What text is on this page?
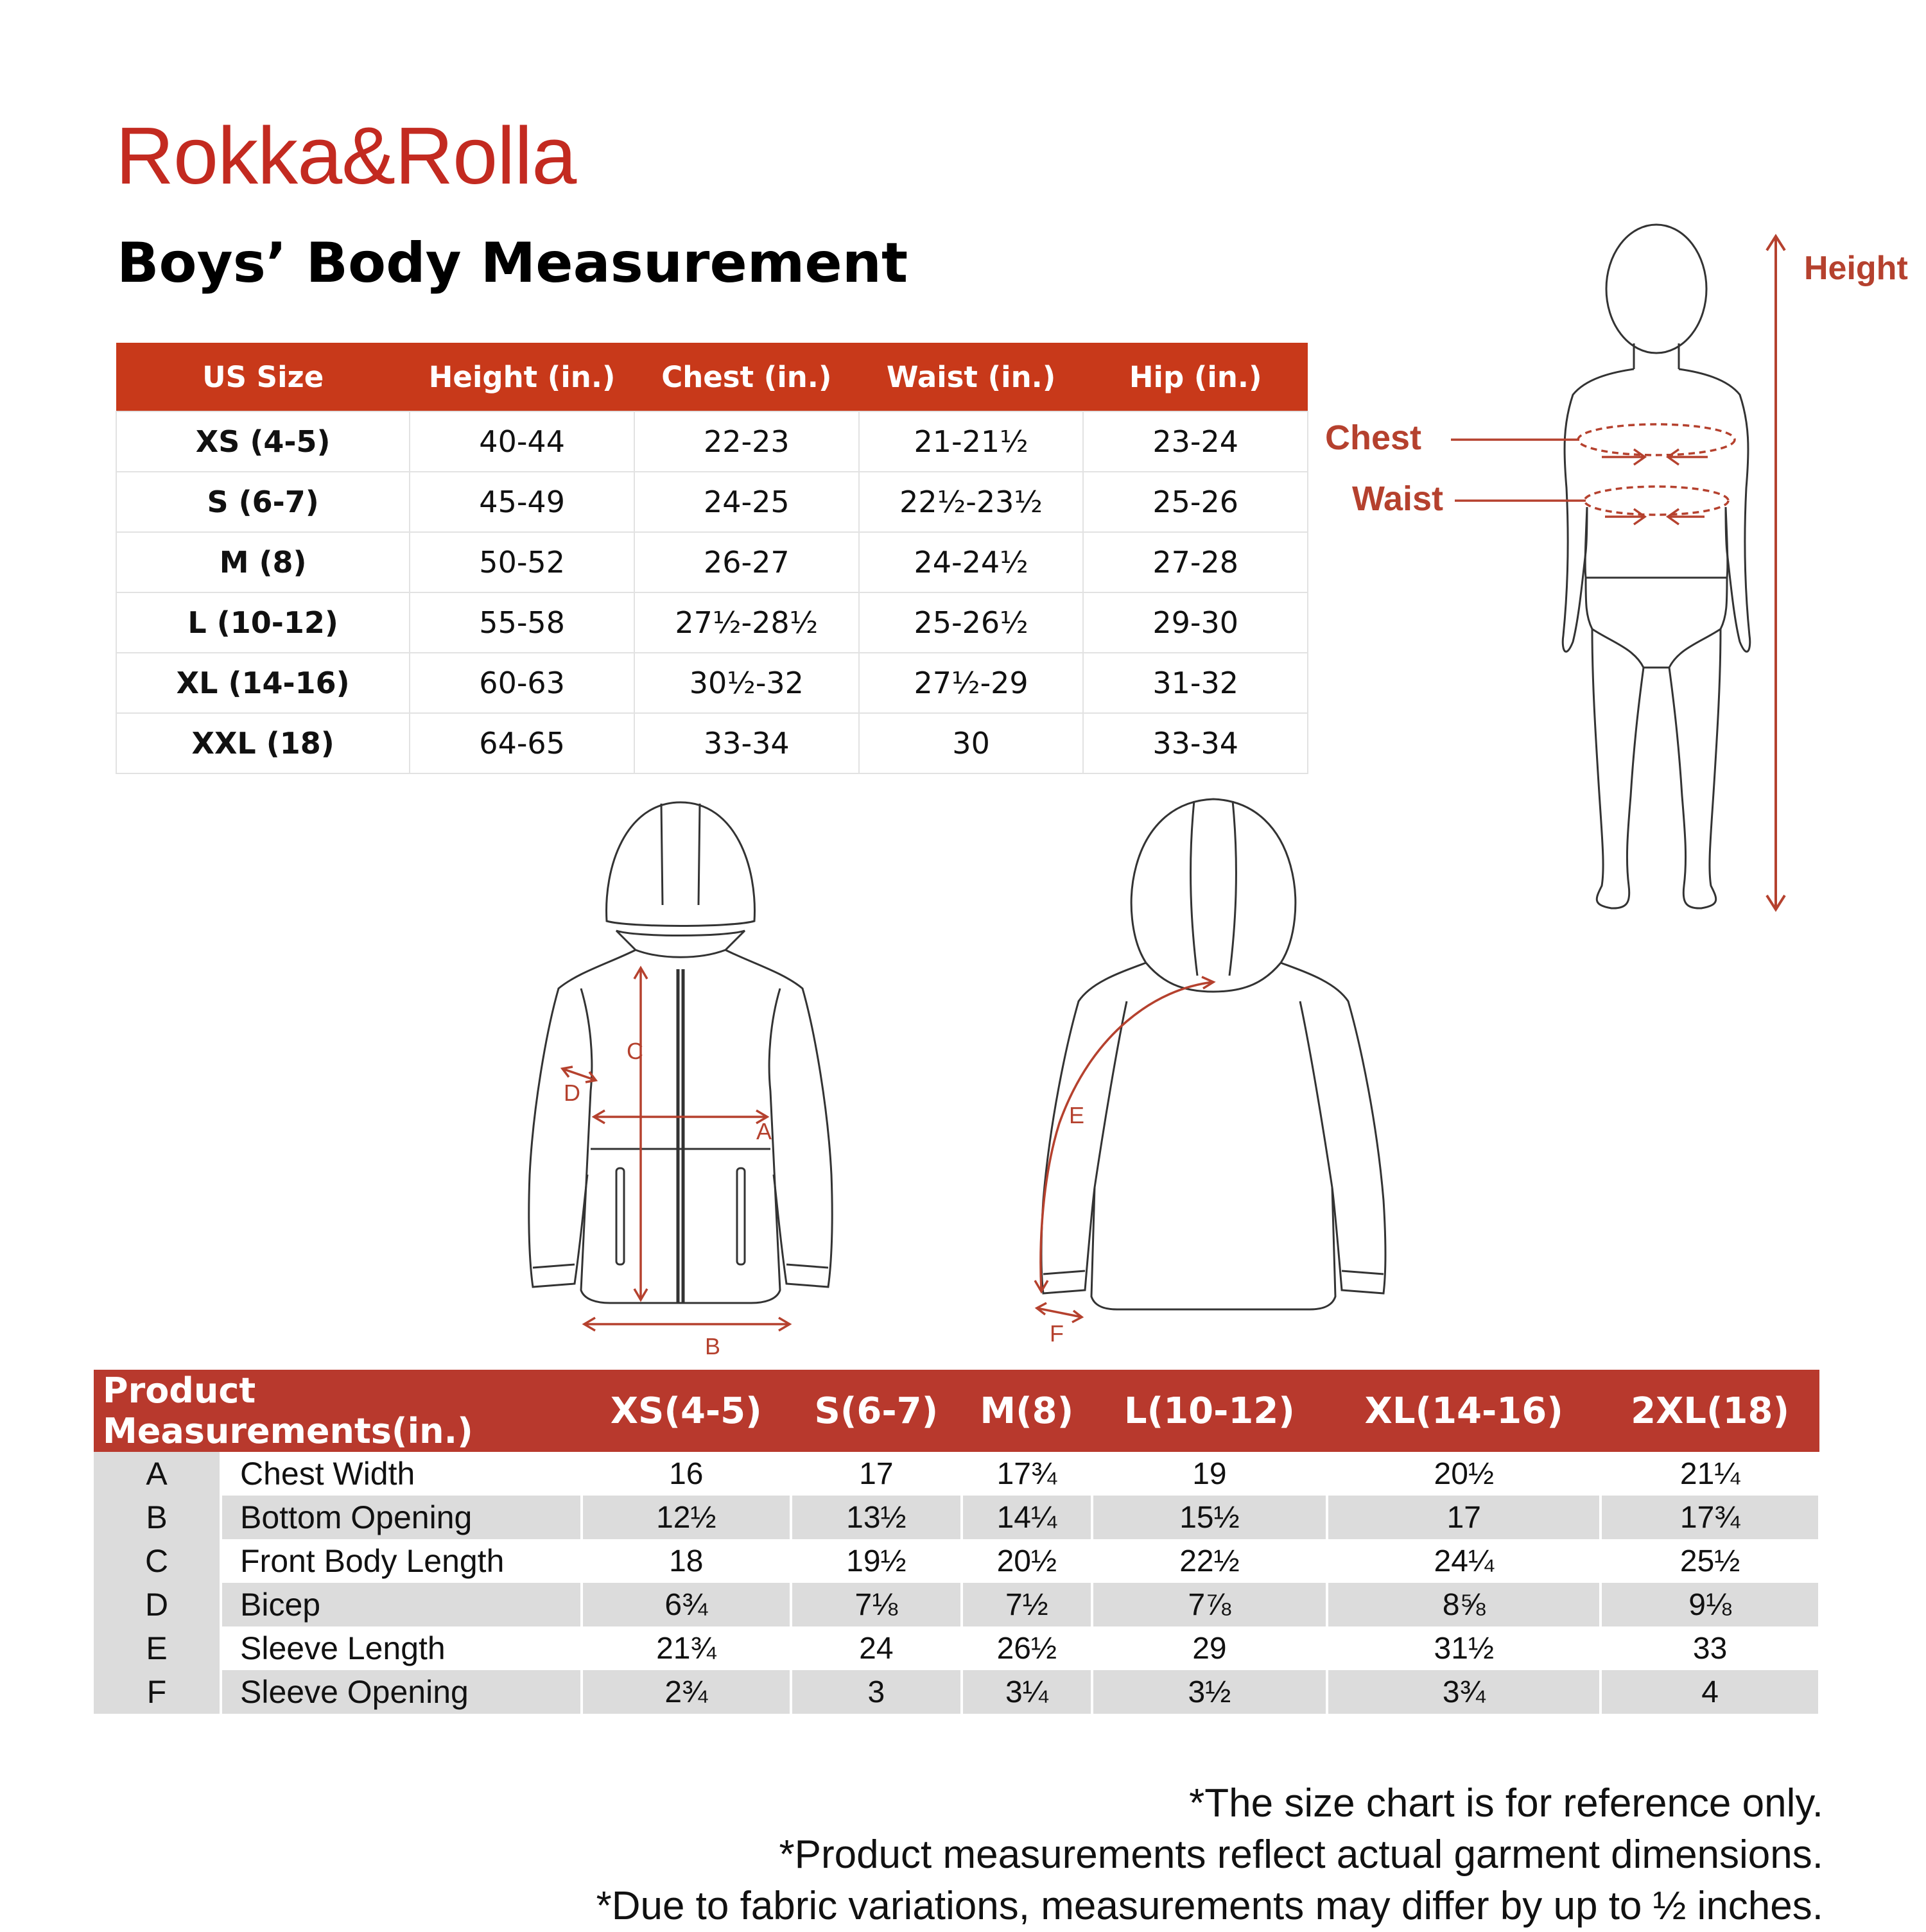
Rokka&Rolla
Boys’ Body Measurement
US Size	Height (in.)	Chest (in.)	Waist (in.)	Hip (in.)
XS (4-5)	40-44	22-23	21-21½	23-24
S (6-7)	45-49	24-25	22½-23½	25-26
M (8)	50-52	26-27	24-24½	27-28
L (10-12)	55-58	27½-28½	25-26½	29-30
XL (14-16)	60-63	30½-32	27½-29	31-32
XXL (18)	64-65	33-34	30	33-34
Height
Chest
Waist
A
B
C
D
E
F
Product Measurements(in.)		XS(4-5)	S(6-7)	M(8)	L(10-12)	XL(14-16)	2XL(18)
A	Chest Width	16	17	17¾	19	20½	21¼
B	Bottom Opening	12½	13½	14¼	15½	17	17¾
C	Front Body Length	18	19½	20½	22½	24¼	25½
D	Bicep	6¾	7⅛	7½	7⅞	8⅝	9⅛
E	Sleeve Length	21¾	24	26½	29	31½	33
F	Sleeve Opening	2¾	3	3¼	3½	3¾	4
*The size chart is for reference only.
*Product measurements reflect actual garment dimensions.
*Due to fabric variations, measurements may differ by up to ½ inches.
